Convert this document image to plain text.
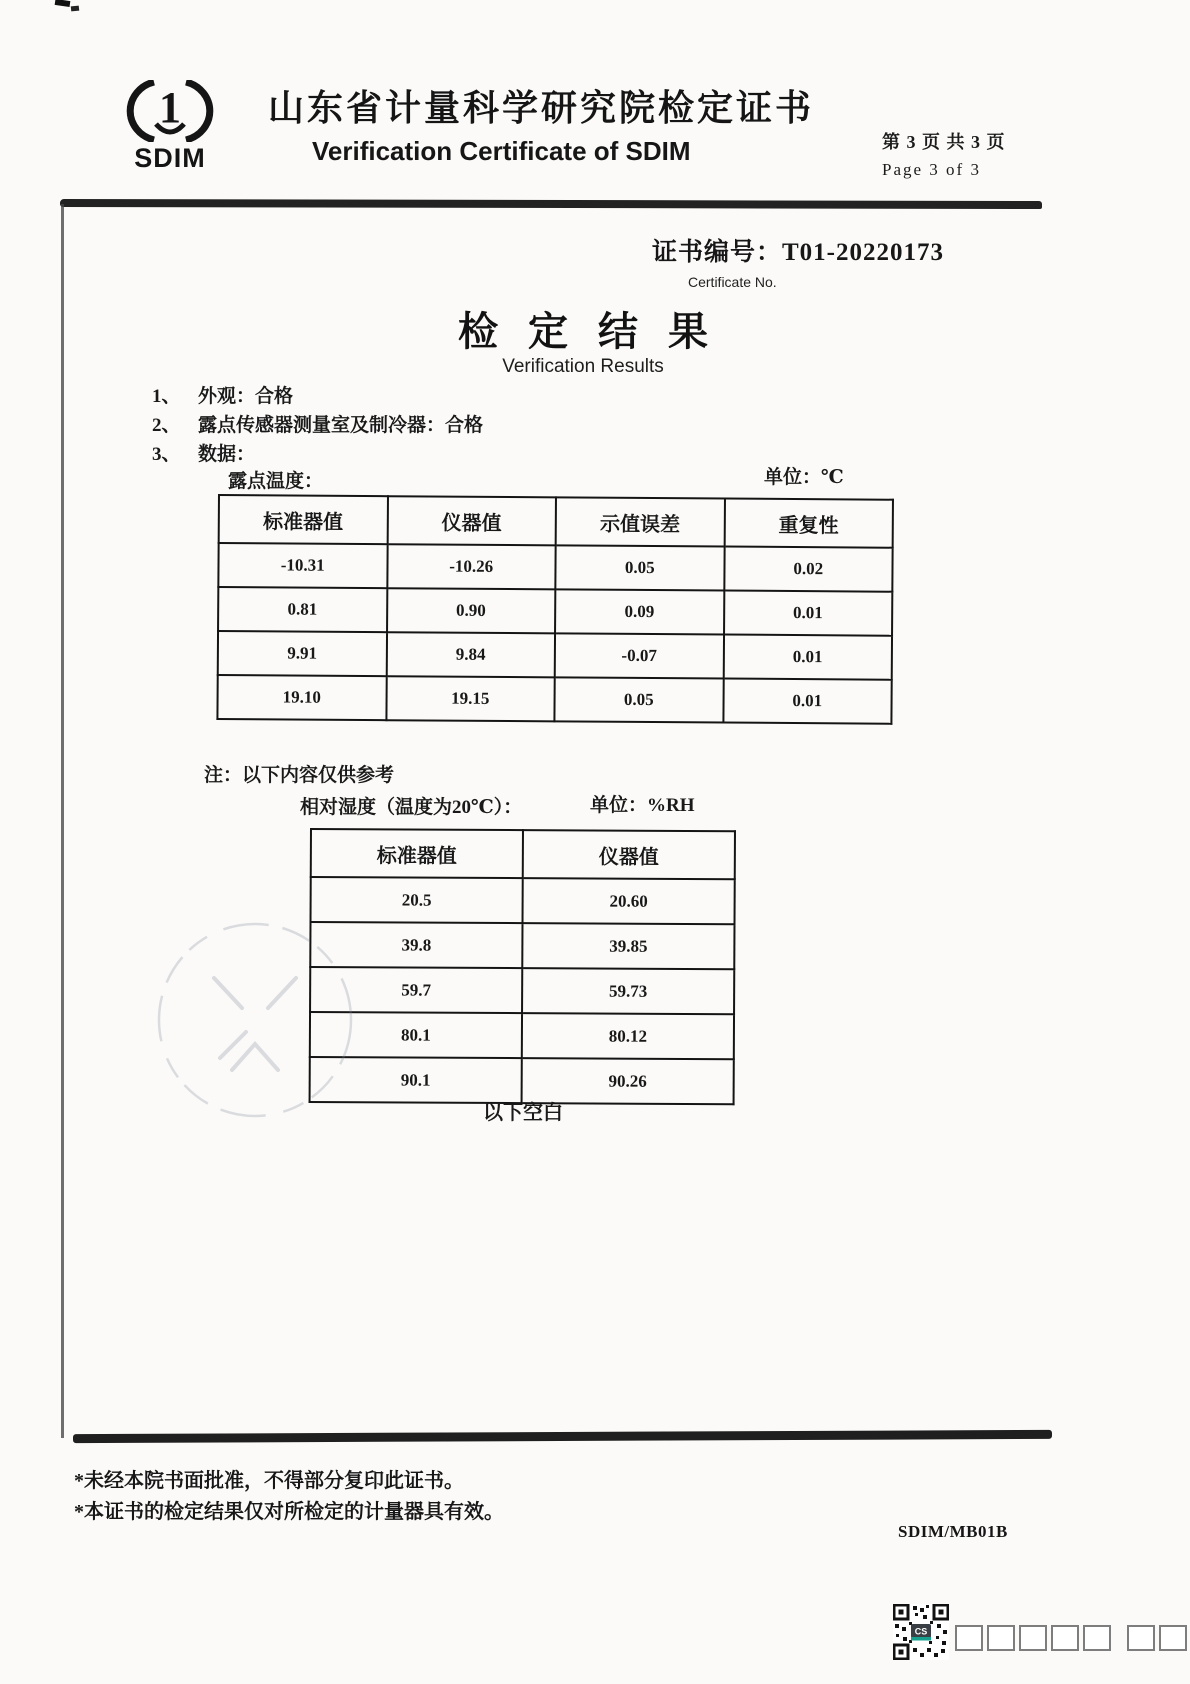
1
SDIM
山东省计量科学研究院检定证书
Verification Certificate of SDIM	第 3 页 共 3 页
Page 3 of 3
证书编号：T01-20220173
Certificate No.
检 定 结 果
Verification Results
1、 外观：合格
2、 露点传感器测量室及制冷器：合格
3、 数据：
露点温度：	单位：℃
标准器值	仪器值	示值误差	重复性
-10.31	-10.26	0.05	0.02
0.81	0.90	0.09	0.01
9.91	9.84	-0.07	0.01
19.10	19.15	0.05	0.01
注：以下内容仅供参考
相对湿度（温度为20℃）：	单位：%RH
标准器值	仪器值
20.5	20.60
39.8	39.85
59.7	59.73
80.1	80.12
90.1	90.26
以下空白
*未经本院书面批准，不得部分复印此证书。
*本证书的检定结果仅对所检定的计量器具有效。
SDIM/MB01B
CS
